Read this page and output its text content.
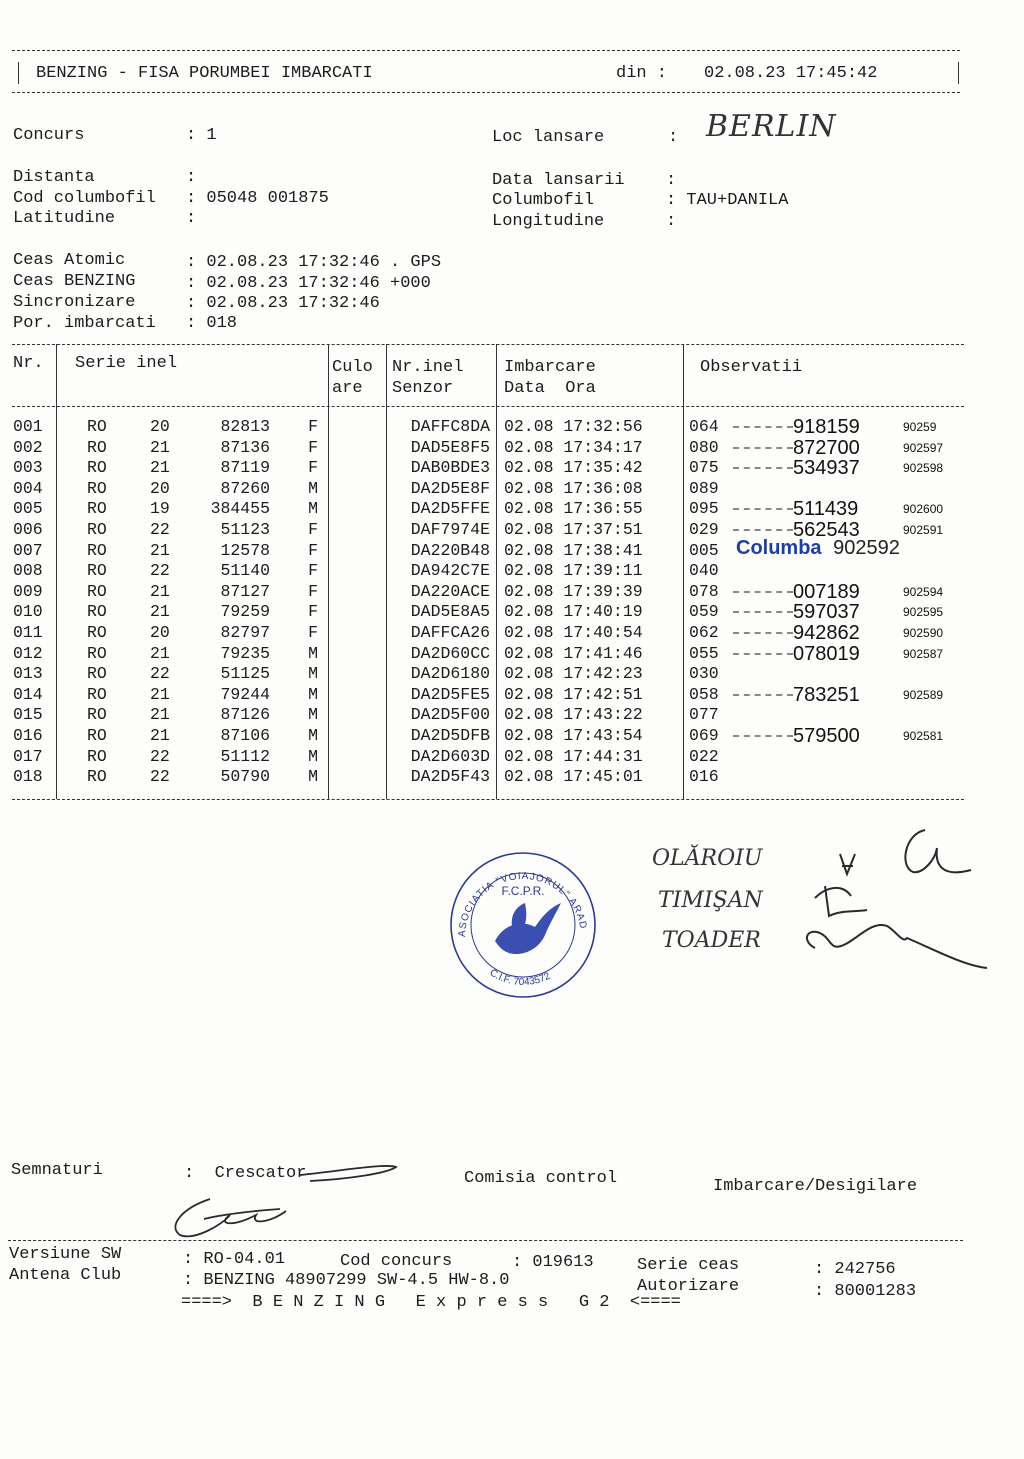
BENZING - FISA PORUMBEI IMBARCATI	din : 02.08.23 17:45:42
Concurs	: 1	Loc lansare	: BERLIN
Distanta	:
Cod columbofil : 05048 001875
Latitudine	:
Data lansarii :
Columbofil	: TAU+DANILA
Longitudine	:
Ceas Atomic	: 02.08.23 17:32:46 . GPS
Ceas BENZING	: 02.08.23 17:32:46 +000
Sincronizare	: 02.08.23 17:32:46
Por. imbarcati : 018
Nr. Serie inel	Culo
are
Nr.inel
Senzor
Imbarcare
Data  Ora
Observatii
001	RO	20	82813 F	DAFFC8DA 02.08 17:32:56	064	918159	90259
002	RO	21	87136 F	DAD5E8F5 02.08 17:34:17	080	872700	902597
003	RO	21	87119 F	DAB0BDE3 02.08 17:35:42	075	534937	902598
004	RO	20	87260 M	DA2D5E8F 02.08 17:36:08	089
005	RO	19 384455 M	DA2D5FFE 02.08 17:36:55	095	511439	902600
006	RO	22	51123 F	DAF7974E 02.08 17:37:51	029	562543	902591
007	RO	21	12578 F	DA220B48 02.08 17:38:41	005
008	RO	22	51140 F	DA942C7E 02.08 17:39:11	040
009	RO	21	87127 F	DA220ACE 02.08 17:39:39	078	007189	902594
010	RO	21	79259 F	DAD5E8A5 02.08 17:40:19	059	597037	902595
011	RO	20	82797 F	DAFFCA26 02.08 17:40:54	062	942862	902590
012	RO	21	79235 M	DA2D60CC 02.08 17:41:46	055	078019	902587
013	RO	22	51125 M	DA2D6180 02.08 17:42:23	030
014	RO	21	79244 M	DA2D5FE5 02.08 17:42:51	058	783251	902589
015	RO	21	87126 M	DA2D5F00 02.08 17:43:22	077
016	RO	21	87106 M	DA2D5DFB 02.08 17:43:54	069	579500	902581
017	RO	22	51112 M	DA2D603D 02.08 17:44:31	022
018	RO	22	50790 M	DA2D5F43 02.08 17:45:01	016
Columba 902592
ASOCIATIA "VOIAJORUL" ARAD
F.C.P.R.
C.I.F. 7043572
OLĂROIU
TIMIŞAN
TOADER
Semnaturi	:  Crescator	Comisia control	Imbarcare/Desigilare
Versiune SW	: RO-04.01	Cod concurs	: 019613	Serie ceas	: 242756
Antena Club	: BENZING 48907299 SW-4.5 HW-8.0	Autorizare	: 80001283
====>  B E N Z I N G   E x p r e s s   G 2  <====
